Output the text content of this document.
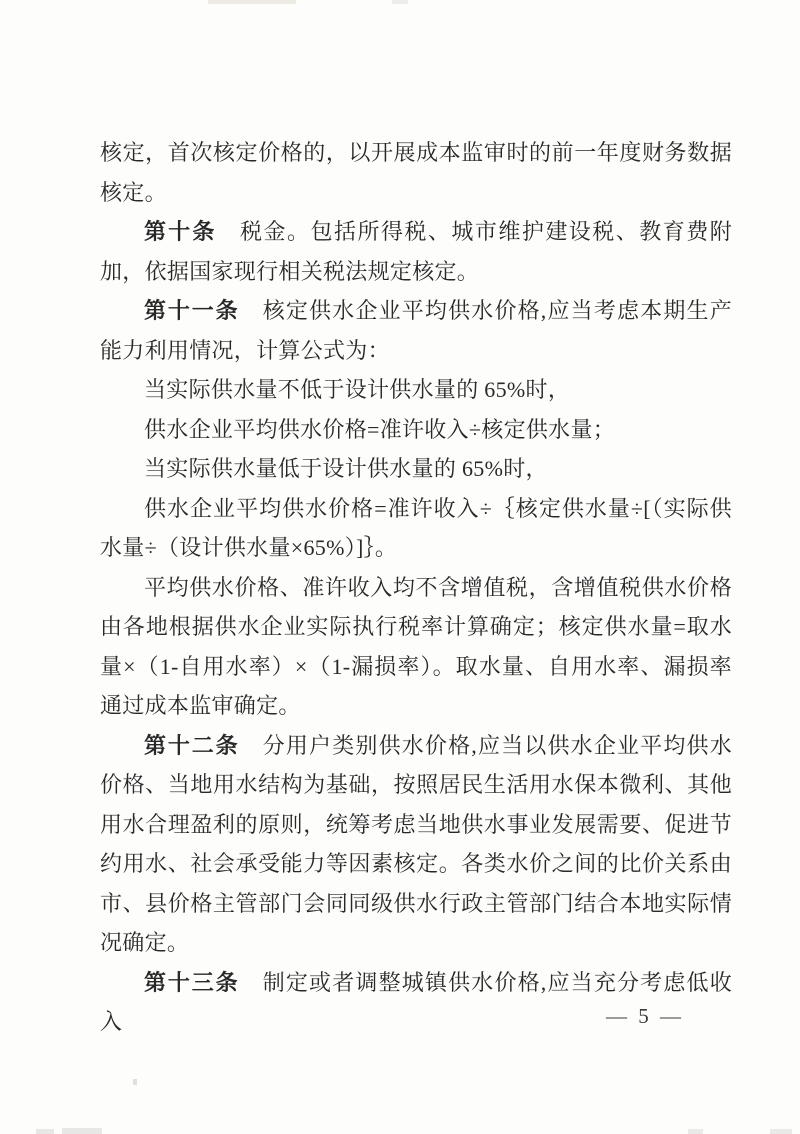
核定，首次核定价格的，以开展成本监审时的前一年度财务数据核定。

第十条　税金。包括所得税、城市维护建设税、教育费附加，依据国家现行相关税法规定核定。

第十一条　核定供水企业平均供水价格,应当考虑本期生产能力利用情况，计算公式为：

当实际供水量不低于设计供水量的 65%时，

供水企业平均供水价格=准许收入÷核定供水量；

当实际供水量低于设计供水量的 65%时，

供水企业平均供水价格=准许收入÷｛核定供水量÷[（实际供水量÷（设计供水量×65%）]｝。

平均供水价格、准许收入均不含增值税，含增值税供水价格由各地根据供水企业实际执行税率计算确定；核定供水量=取水量×（1-自用水率）×（1-漏损率）。取水量、自用水率、漏损率通过成本监审确定。

第十二条　分用户类别供水价格,应当以供水企业平均供水价格、当地用水结构为基础，按照居民生活用水保本微利、其他用水合理盈利的原则，统筹考虑当地供水事业发展需要、促进节约用水、社会承受能力等因素核定。各类水价之间的比价关系由市、县价格主管部门会同同级供水行政主管部门结合本地实际情况确定。

第十三条　制定或者调整城镇供水价格,应当充分考虑低收入	— 5 —
